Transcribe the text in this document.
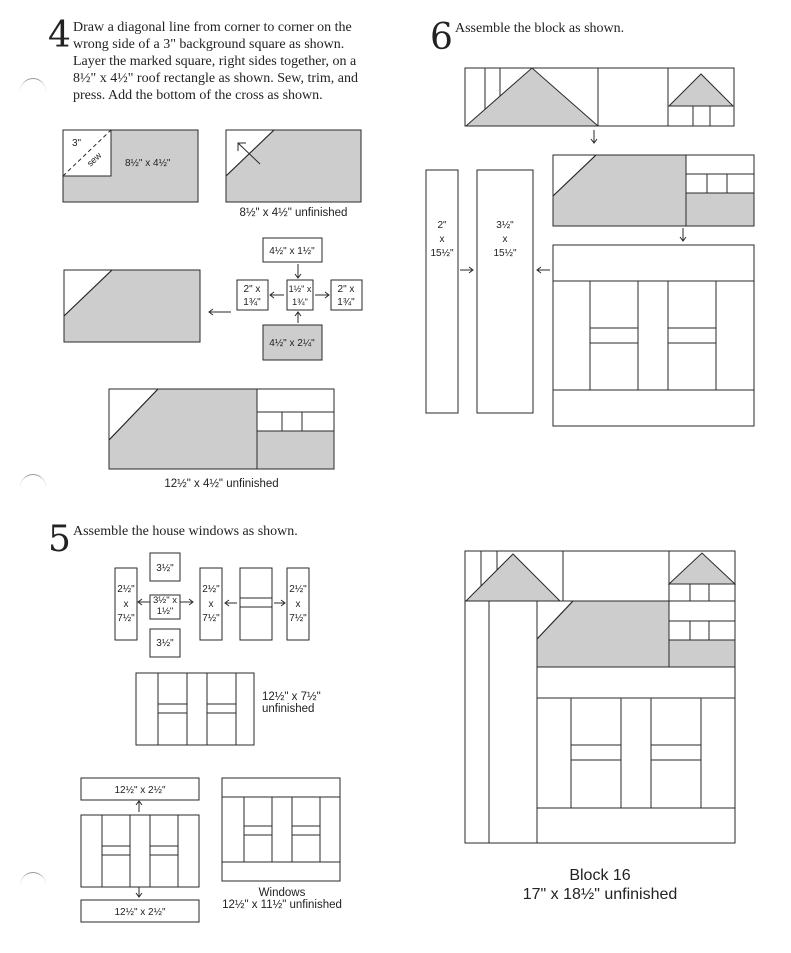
4 Draw a diagonal line from corner to corner on the
wrong side of a 3" background square as shown.
Layer the marked square, right sides together, on a
8½" x 4½" roof rectangle as shown. Sew, trim, and
press. Add the bottom of the cross as shown.
6 Assemble the block as shown.
5 Assemble the house windows as shown.
3"
sew 8½" x 4½"
4½" x 1½"
2" x
1¾"
1½" x
1¾"
2" x
1¾"
4½" x 2¼"
3½"
3½" x
1½"
3½"
2½"
x
7½"
2½"
x
7½"
2½"
x
7½"
12½" x 2½"
12½" x 2½"
2"
x
15½"
3½"
x
15½"
8½" x 4½" unfinished
12½" x 4½" unfinished
12½" x 7½"
unfinished
Windows
12½" x 11½" unfinished
Block 16
17" x 18½" unfinished
